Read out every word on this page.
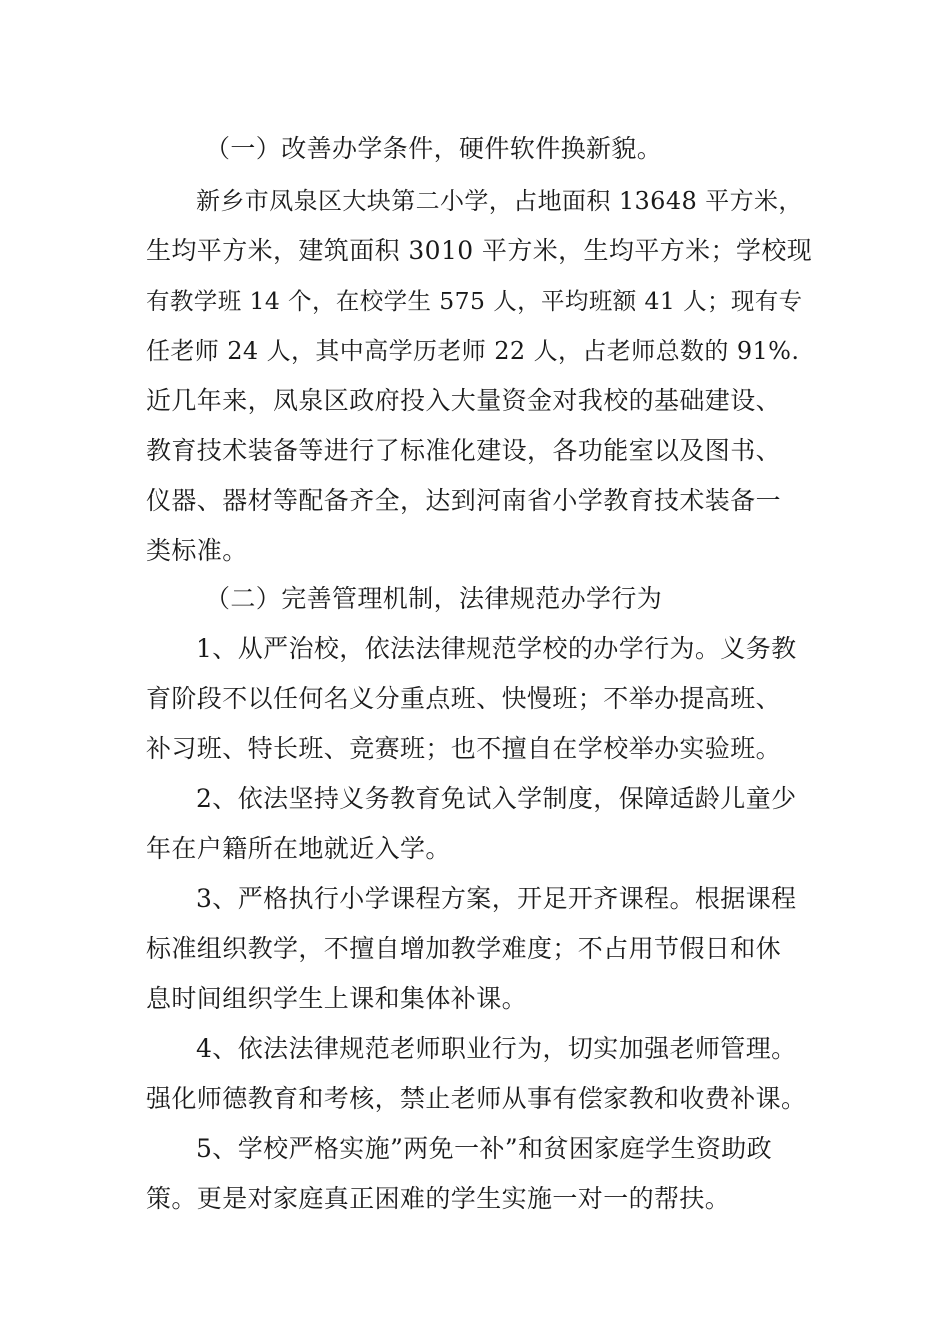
（一）改善办学条件，硬件软件换新貌。
新乡市凤泉区大块第二小学，占地面积 13648 平方米，
生均平方米，建筑面积 3010 平方米，生均平方米；学校现
有教学班 14 个，在校学生 575 人，平均班额 41 人；现有专
任老师 24 人，其中高学历老师 22 人，占老师总数的 91%.
近几年来，凤泉区政府投入大量资金对我校的基础建设、
教育技术装备等进行了标准化建设，各功能室以及图书、
仪器、器材等配备齐全，达到河南省小学教育技术装备一
类标准。
（二）完善管理机制，法律规范办学行为
1、从严治校，依法法律规范学校的办学行为。义务教
育阶段不以任何名义分重点班、快慢班；不举办提高班、
补习班、特长班、竞赛班；也不擅自在学校举办实验班。
2、依法坚持义务教育免试入学制度，保障适龄儿童少
年在户籍所在地就近入学。
3、严格执行小学课程方案，开足开齐课程。根据课程
标准组织教学，不擅自增加教学难度；不占用节假日和休
息时间组织学生上课和集体补课。
4、依法法律规范老师职业行为，切实加强老师管理。
强化师德教育和考核，禁止老师从事有偿家教和收费补课。
5、学校严格实施”两免一补”和贫困家庭学生资助政
策。更是对家庭真正困难的学生实施一对一的帮扶。
